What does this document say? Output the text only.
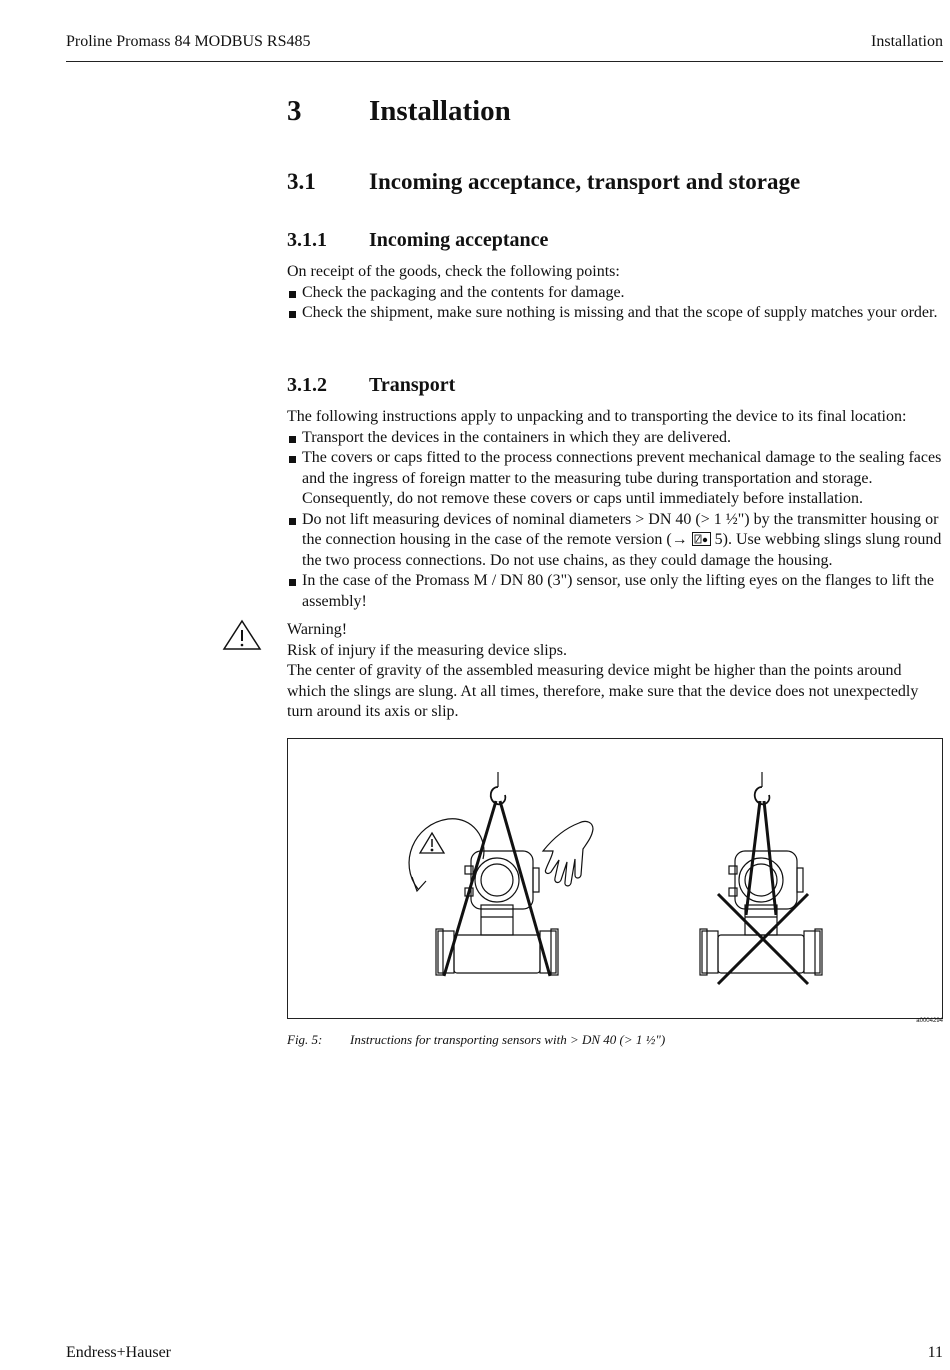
Proline Promass 84 MODBUS RS485	Installation
3 Installation
3.1 Incoming acceptance, transport and storage
3.1.1 Incoming acceptance

On receipt of the goods, check the following points:

Check the packaging and the contents for damage.
Check the shipment, make sure nothing is missing and that the scope of supply matches your order.
3.1.2 Transport

The following instructions apply to unpacking and to transporting the device to its final location:

Transport the devices in the containers in which they are delivered.
The covers or caps fitted to the process connections prevent mechanical damage to the sealing faces and the ingress of foreign matter to the measuring tube during transportation and storage. Consequently, do not remove these covers or caps until immediately before installation.
Do not lift measuring devices of nominal diameters > DN 40 (> 1 ½") by the transmitter housing or the connection housing in the case of the remote version (→  5). Use webbing slings slung round the two process connections. Do not use chains, as they could damage the housing.
In the case of the Promass M / DN 80 (3") sensor, use only the lifting eyes on the flanges to lift the assembly!

Warning!

Risk of injury if the measuring device slips.

The center of gravity of the assembled measuring device might be higher than the points around which the slings are slung. At all times, therefore, make sure that the device does not unexpectedly turn around its axis or slip.

a0004294
Fig. 5: Instructions for transporting sensors with > DN 40 (> 1 ½")
Endress+Hauser	11
